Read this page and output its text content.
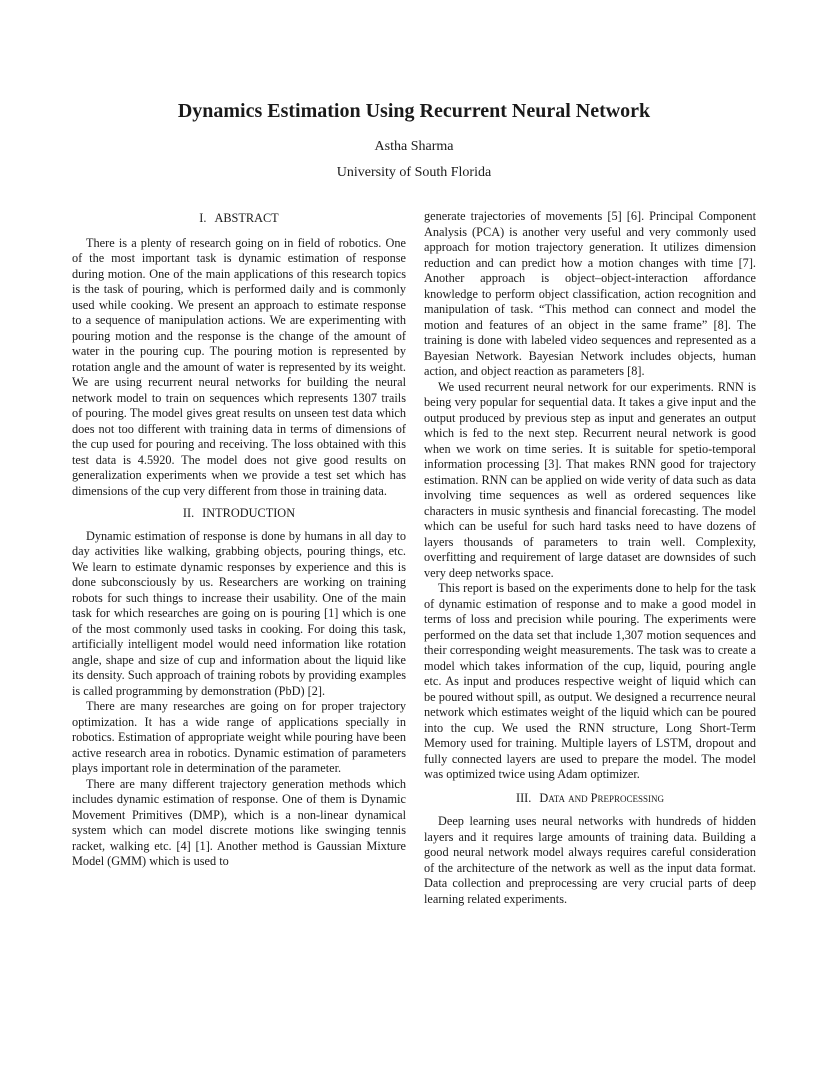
Dynamics Estimation Using Recurrent Neural Network
Astha Sharma
University of South Florida
I. ABSTRACT

There is a plenty of research going on in field of robotics. One of the most important task is dynamic estimation of response during motion. One of the main applications of this research topics is the task of pouring, which is performed daily and is commonly used while cooking. We present an approach to estimate response to a sequence of manipulation actions. We are experimenting with pouring motion and the response is the change of the amount of water in the pouring cup. The pouring motion is represented by rotation angle and the amount of water is represented by its weight. We are using recurrent neural networks for building the neural network model to train on sequences which represents 1307 trails of pouring. The model gives great results on unseen test data which does not too different with training data in terms of dimensions of the cup used for pouring and receiving. The loss obtained with this test data is 4.5920. The model does not give good results on generalization experiments when we provide a test set which has dimensions of the cup very different from those in training data.

II. INTRODUCTION

Dynamic estimation of response is done by humans in all day to day activities like walking, grabbing objects, pouring things, etc. We learn to estimate dynamic responses by experience and this is done subconsciously by us. Researchers are working on training robots for such things to increase their usability. One of the main task for which researches are going on is pouring [1] which is one of the most commonly used tasks in cooking. For doing this task, artificially intelligent model would need information like rotation angle, shape and size of cup and information about the liquid like its density. Such approach of training robots by providing examples is called programming by demonstration (PbD) [2].

There are many researches are going on for proper trajectory optimization. It has a wide range of applications specially in robotics. Estimation of appropriate weight while pouring have been active research area in robotics. Dynamic estimation of parameters plays important role in determination of the parameter.

There are many different trajectory generation methods which includes dynamic estimation of response. One of them is Dynamic Movement Primitives (DMP), which is a non-linear dynamical system which can model discrete motions like swinging tennis racket, walking etc. [4] [1]. Another method is Gaussian Mixture Model (GMM) which is used to

generate trajectories of movements [5] [6]. Principal Component Analysis (PCA) is another very useful and very commonly used approach for motion trajectory generation. It utilizes dimension reduction and can predict how a motion changes with time [7]. Another approach is object–object-interaction affordance knowledge to perform object classification, action recognition and manipulation of task. “This method can connect and model the motion and features of an object in the same frame” [8]. The training is done with labeled video sequences and represented as a Bayesian Network. Bayesian Network includes objects, human action, and object reaction as parameters [8].

We used recurrent neural network for our experiments. RNN is being very popular for sequential data. It takes a give input and the output produced by previous step as input and generates an output which is fed to the next step. Recurrent neural network is good when we work on time series. It is suitable for spetio-temporal information processing [3]. That makes RNN good for trajectory estimation. RNN can be applied on wide verity of data such as data involving time sequences as well as ordered sequences like characters in music synthesis and financial forecasting. The model which can be useful for such hard tasks need to have dozens of layers thousands of parameters to train well. Complexity, overfitting and requirement of large dataset are downsides of such very deep networks space.

This report is based on the experiments done to help for the task of dynamic estimation of response and to make a good model in terms of loss and precision while pouring. The experiments were performed on the data set that include 1,307 motion sequences and their corresponding weight measurements. The task was to create a model which takes information of the cup, liquid, pouring angle etc. As input and produces respective weight of liquid which can be poured without spill, as output. We designed a recurrence neural network which estimates weight of the liquid which can be poured into the cup. We used the RNN structure, Long Short-Term Memory used for training. Multiple layers of LSTM, dropout and fully connected layers are used to prepare the model. The model was optimized twice using Adam optimizer.

III. Data and Preprocessing

Deep learning uses neural networks with hundreds of hidden layers and it requires large amounts of training data. Building a good neural network model always requires careful consideration of the architecture of the network as well as the input data format. Data collection and preprocessing are very crucial parts of deep learning related experiments.
